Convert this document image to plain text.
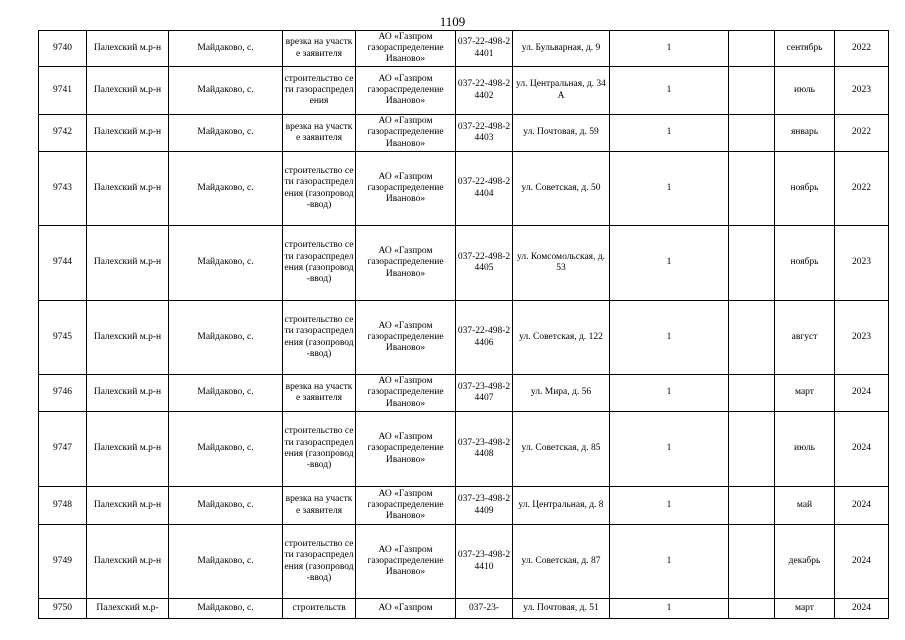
1109
9740	Палехский м.р-н	Майдаково, с.	врезка на участке заявителя	АО «Газпром газораспределение Иваново»	037-22-498-24401	ул. Бульварная, д. 9	1		сентябрь	2022
9741	Палехский м.р-н	Майдаково, с.	строительство сети газораспределения	АО «Газпром газораспределение Иваново»	037-22-498-24402	ул. Центральная, д. 34 А	1		июль	2023
9742	Палехский м.р-н	Майдаково, с.	врезка на участке заявителя	АО «Газпром газораспределение Иваново»	037-22-498-24403	ул. Почтовая, д. 59	1		январь	2022
9743	Палехский м.р-н	Майдаково, с.	строительство сети газораспределения (газопровод-ввод)	АО «Газпром газораспределение Иваново»	037-22-498-24404	ул. Советская, д. 50	1		ноябрь	2022
9744	Палехский м.р-н	Майдаково, с.	строительство сети газораспределения (газопровод-ввод)	АО «Газпром газораспределение Иваново»	037-22-498-24405	ул. Комсомольская, д. 53	1		ноябрь	2023
9745	Палехский м.р-н	Майдаково, с.	строительство сети газораспределения (газопровод-ввод)	АО «Газпром газораспределение Иваново»	037-22-498-24406	ул. Советская, д. 122	1		август	2023
9746	Палехский м.р-н	Майдаково, с.	врезка на участке заявителя	АО «Газпром газораспределение Иваново»	037-23-498-24407	ул. Мира, д. 56	1		март	2024
9747	Палехский м.р-н	Майдаково, с.	строительство сети газораспределения (газопровод-ввод)	АО «Газпром газораспределение Иваново»	037-23-498-24408	ул. Советская, д. 85	1		июль	2024
9748	Палехский м.р-н	Майдаково, с.	врезка на участке заявителя	АО «Газпром газораспределение Иваново»	037-23-498-24409	ул. Центральная, д. 8	1		май	2024
9749	Палехский м.р-н	Майдаково, с.	строительство сети газораспределения (газопровод-ввод)	АО «Газпром газораспределение Иваново»	037-23-498-24410	ул. Советская, д. 87	1		декабрь	2024
9750	Палехский м.р-	Майдаково, с.	строительств	АО «Газпром	037-23-	ул. Почтовая, д. 51	1		март	2024
